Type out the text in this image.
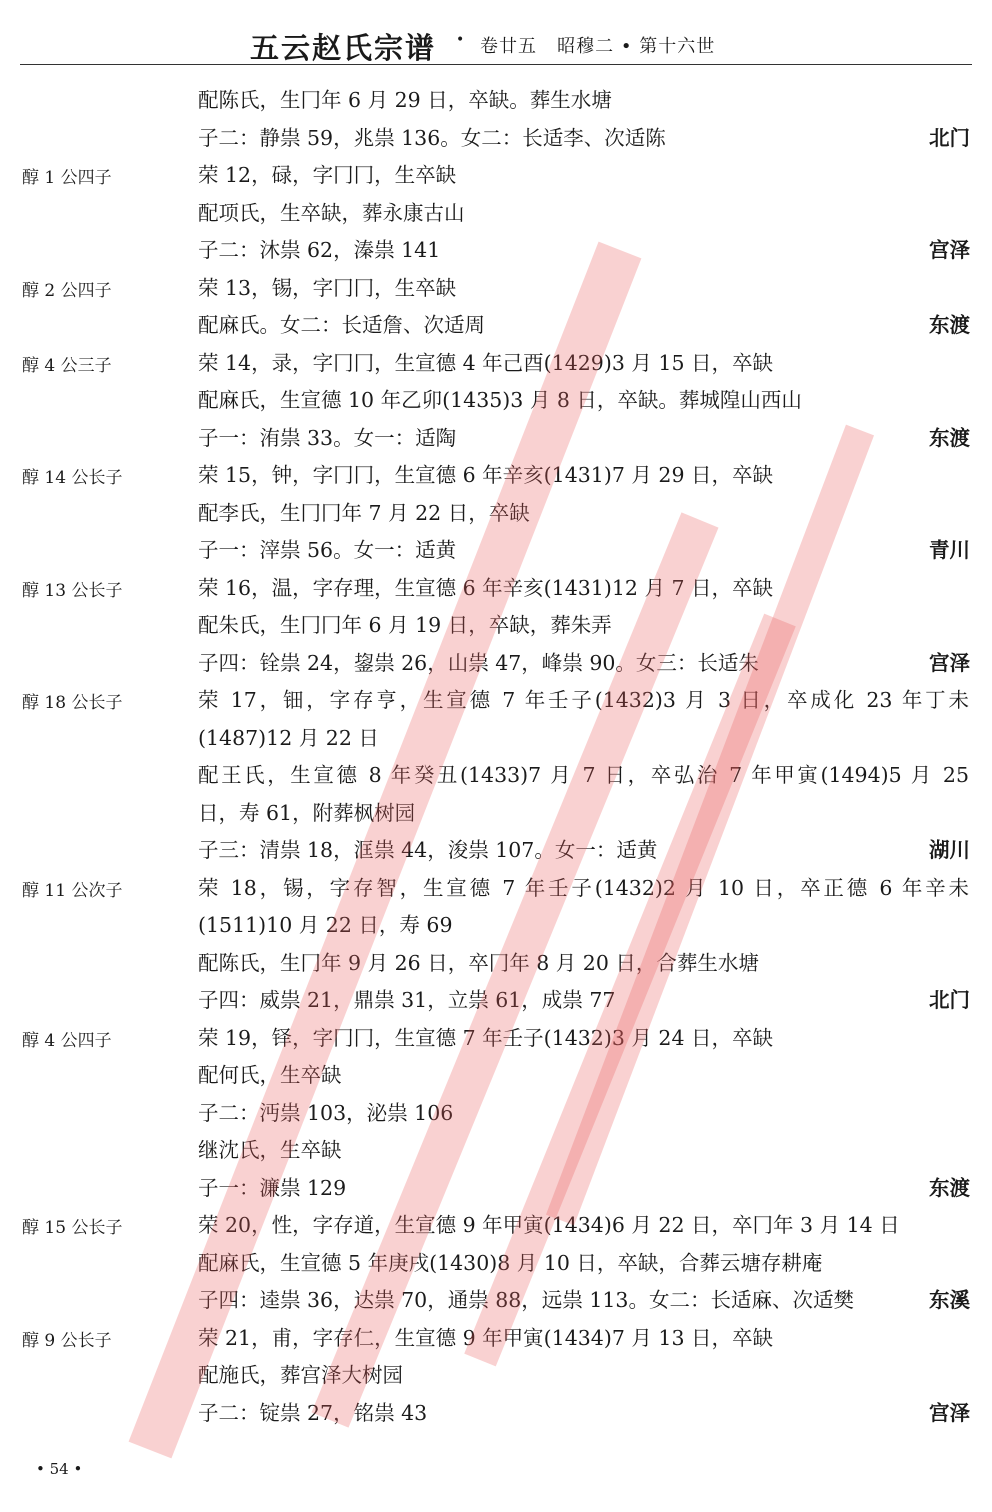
五云赵氏宗谱 • 卷廿五   昭穆二 • 第十六世
配陈氏，生冂年 6 月 29 日，卒缺。葬生水塘
子二：静祟 59，兆祟 136。女二：长适李、次适陈	北门
醇 1 公四子	荣 12，碌，字冂冂，生卒缺
配项氏，生卒缺，葬永康古山
子二：沐祟 62，溱祟 141	宫泽
醇 2 公四子	荣 13，锡，字冂冂，生卒缺
配麻氏。女二：长适詹、次适周	东渡
醇 4 公三子	荣 14，录，字冂冂，生宣德 4 年己酉(1429)3 月 15 日，卒缺
配麻氏，生宣德 10 年乙卯(1435)3 月 8 日，卒缺。葬城隍山西山
子一：洧祟 33。女一：适陶	东渡
醇 14 公长子	荣 15，钟，字冂冂，生宣德 6 年辛亥(1431)7 月 29 日，卒缺
配李氏，生冂冂年 7 月 22 日，卒缺
子一：滓祟 56。女一：适黄	青川
醇 13 公长子	荣 16，温，字存理，生宣德 6 年辛亥(1431)12 月 7 日，卒缺
配朱氏，生冂冂年 6 月 19 日，卒缺，葬朱弄
子四：铨祟 24，鋆祟 26，山祟 47，峰祟 90。女三：长适朱	宫泽
醇 18 公长子	荣 17，钿，字存亨，生宣德 7 年壬子(1432)3 月 3 日，卒成化 23 年丁未
(1487)12 月 22 日
配王氏，生宣德 8 年癸丑(1433)7 月 7 日，卒弘治 7 年甲寅(1494)5 月 25
日，寿 61，附葬枫树园
子三：清祟 18，洭祟 44，浚祟 107。女一：适黄	湖川
醇 11 公次子	荣 18，锡，字存智，生宣德 7 年壬子(1432)2 月 10 日，卒正德 6 年辛未
(1511)10 月 22 日，寿 69
配陈氏，生冂年 9 月 26 日，卒冂年 8 月 20 日，合葬生水塘
子四：威祟 21，鼎祟 31，立祟 61，成祟 77	北门
醇 4 公四子	荣 19，铎，字冂冂，生宣德 7 年壬子(1432)3 月 24 日，卒缺
配何氏，生卒缺
子二：沔祟 103，泌祟 106
继沈氏，生卒缺
子一：濂祟 129	东渡
醇 15 公长子	荣 20，性，字存道，生宣德 9 年甲寅(1434)6 月 22 日，卒冂年 3 月 14 日
配麻氏，生宣德 5 年庚戌(1430)8 月 10 日，卒缺，合葬云塘存耕庵
子四：逵祟 36，达祟 70，通祟 88，远祟 113。女二：长适麻、次适樊	东溪
醇 9 公长子	荣 21，甫，字存仁，生宣德 9 年甲寅(1434)7 月 13 日，卒缺
配施氏，葬宫泽大树园
子二：锭祟 27，铭祟 43	宫泽
• 54 •
